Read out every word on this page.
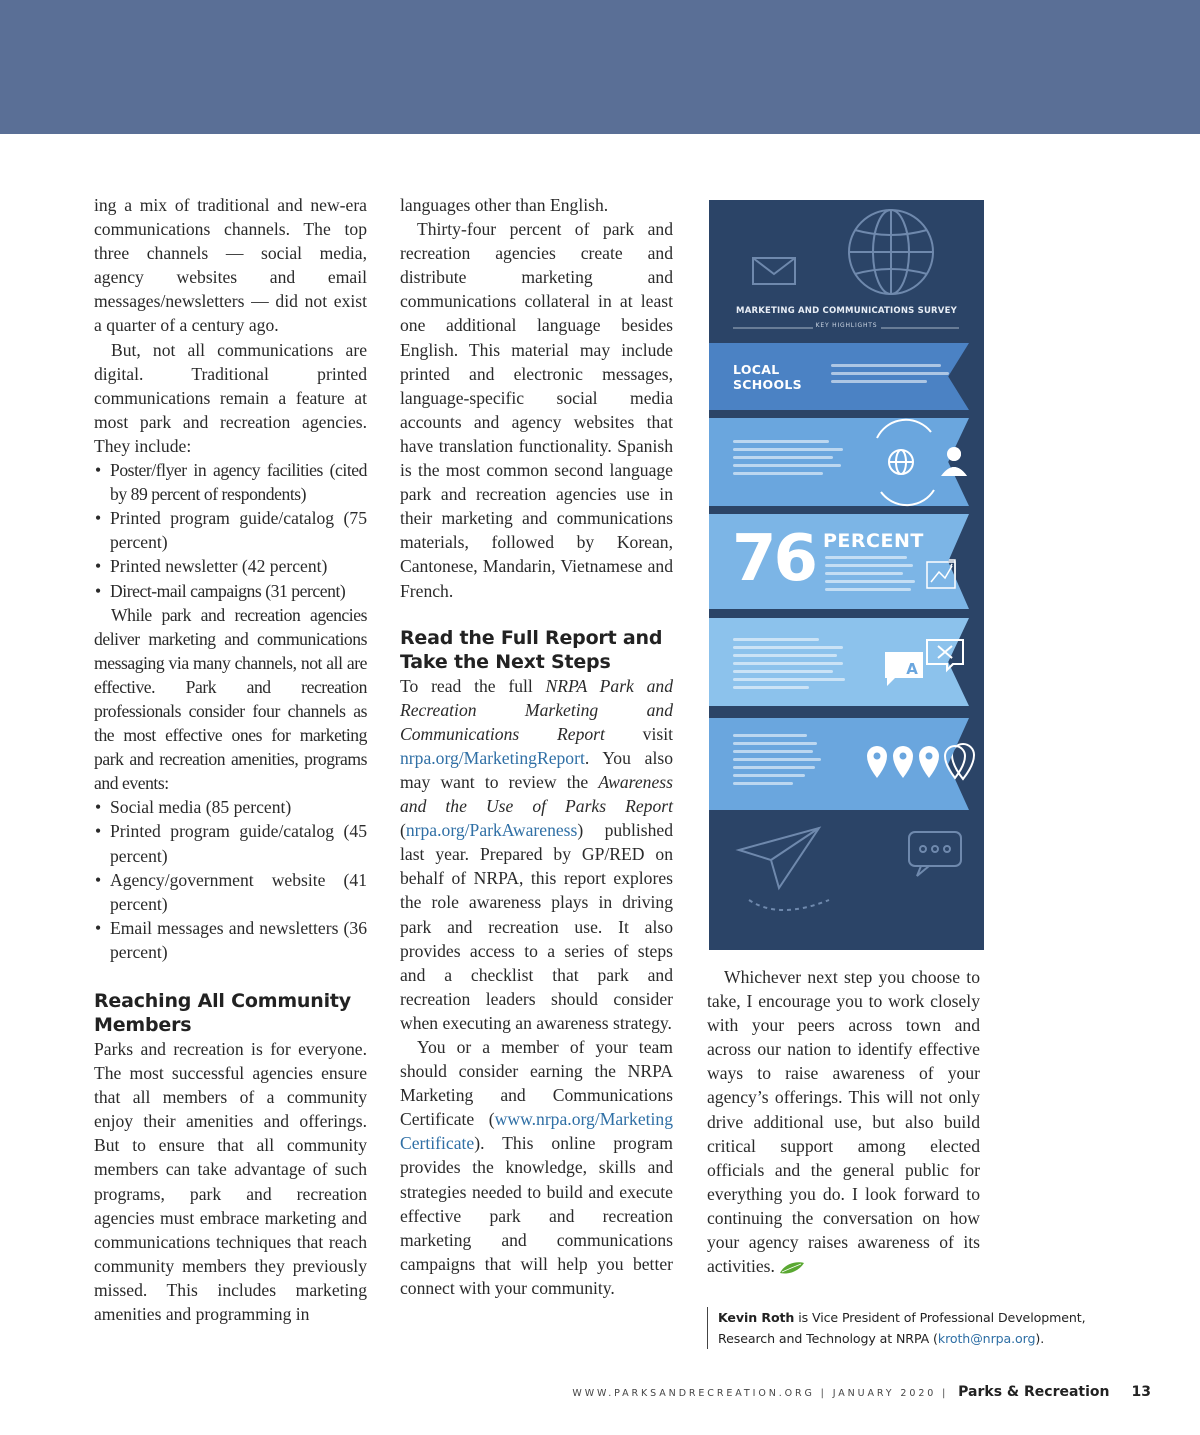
ing a mix of traditional and new-era communications channels. The top three channels — social media, agency websites and email messages/newsletters — did not exist a quarter of a century ago.

But, not all communications are digital. Traditional printed communications remain a feature at most park and recreation agencies. They include:

• Poster/flyer in agency facilities (cited by 89 percent of respondents)
• Printed program guide/catalog (75 percent)
• Printed newsletter (42 percent)
• Direct-mail campaigns (31 percent)

While park and recreation agencies deliver marketing and communications messaging via many channels, not all are effective. Park and recreation professionals consider four channels as the most effective ones for marketing park and recreation amenities, programs and events:

• Social media (85 percent)
• Printed program guide/catalog (45 percent)
• Agency/government website (41 percent)
• Email messages and newsletters (36 percent)
Reaching All Community Members

Parks and recreation is for everyone. The most successful agencies ensure that all members of a community enjoy their amenities and offerings. But to ensure that all community members can take advantage of such programs, park and recreation agencies must embrace marketing and communications techniques that reach community members they previously missed. This includes marketing amenities and programming in

languages other than English.

Thirty-four percent of park and recreation agencies create and distribute marketing and communications collateral in at least one additional language besides English. This material may include printed and electronic messages, language-specific social media accounts and agency websites that have translation functionality. Spanish is the most common second language park and recreation agencies use in their marketing and communications materials, followed by Korean, Cantonese, Mandarin, Vietnamese and French.

Read the Full Report and Take the Next Steps

To read the full NRPA Park and Recreation Marketing and Communications Report visit nrpa.org/MarketingReport. You also may want to review the Awareness and the Use of Parks Report (nrpa.org/ParkAwareness) published last year. Prepared by GP/RED on behalf of NRPA, this report explores the role awareness plays in driving park and recreation use. It also provides access to a series of steps and a checklist that park and recreation leaders should consider when executing an awareness strategy.

You or a member of your team should consider earning the NRPA Marketing and Communications Certificate (www.nrpa.org/MarketingCertificate). This online program provides the knowledge, skills and strategies needed to build and execute effective park and recreation marketing and communications campaigns that will help you better connect with your community.

MARKETING AND COMMUNICATIONS SURVEY
KEY HIGHLIGHTS
LOCAL SCHOOLS
76 PERCENT
A

Whichever next step you choose to take, I encourage you to work closely with your peers across town and across our nation to identify effective ways to raise awareness of your agency’s offerings. This will not only drive additional use, but also build critical support among elected officials and the general public for everything you do. I look forward to continuing the conversation on how your agency raises awareness of its activities.

Kevin Roth is Vice President of Professional Development, Research and Technology at NRPA (kroth@nrpa.org).
WWW.PARKSANDRECREATION.ORG | JANUARY 2020 | Parks & Recreation 13
